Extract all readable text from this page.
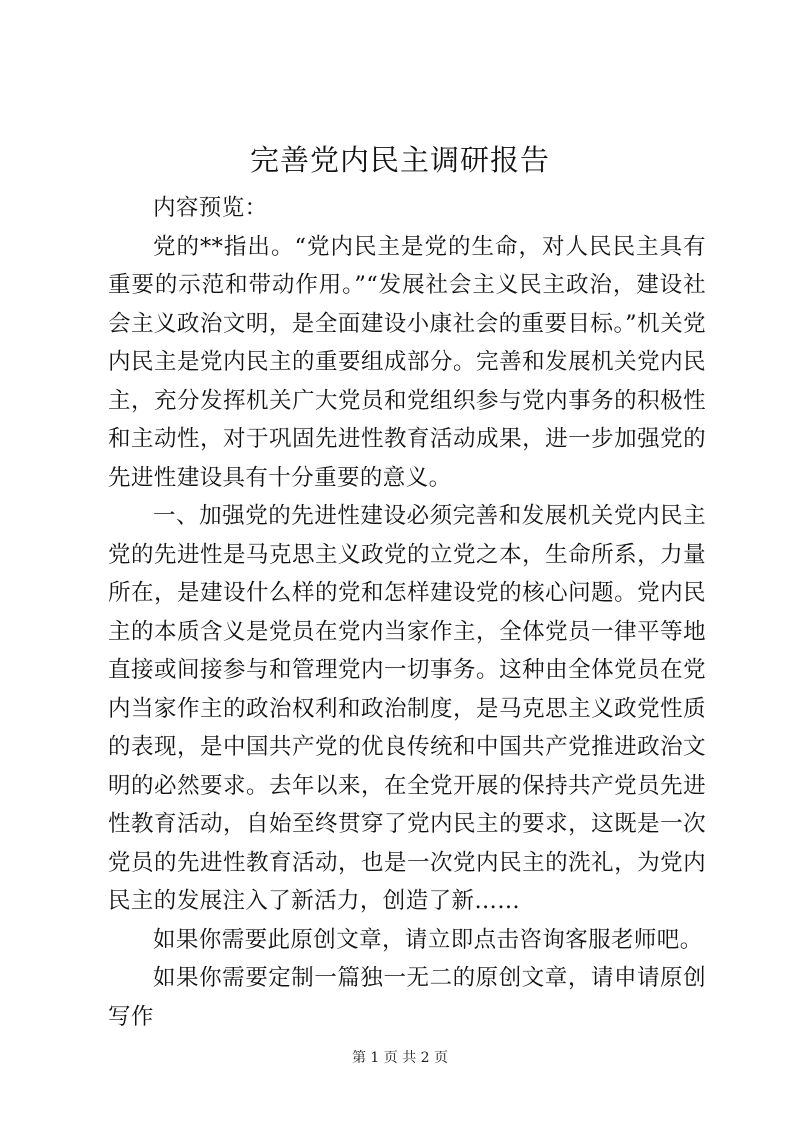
完善党内民主调研报告

内容预览：

党的**指出。“党内民主是党的生命，对人民民主具有重要的示范和带动作用。”“发展社会主义民主政治，建设社会主义政治文明，是全面建设小康社会的重要目标。”机关党内民主是党内民主的重要组成部分。完善和发展机关党内民主，充分发挥机关广大党员和党组织参与党内事务的积极性和主动性，对于巩固先进性教育活动成果，进一步加强党的先进性建设具有十分重要的意义。

一、加强党的先进性建设必须完善和发展机关党内民主党的先进性是马克思主义政党的立党之本，生命所系，力量所在，是建设什么样的党和怎样建设党的核心问题。党内民主的本质含义是党员在党内当家作主，全体党员一律平等地直接或间接参与和管理党内一切事务。这种由全体党员在党内当家作主的政治权利和政治制度，是马克思主义政党性质的表现，是中国共产党的优良传统和中国共产党推进政治文明的必然要求。去年以来，在全党开展的保持共产党员先进性教育活动，自始至终贯穿了党内民主的要求，这既是一次党员的先进性教育活动，也是一次党内民主的洗礼，为党内民主的发展注入了新活力，创造了新……

如果你需要此原创文章，请立即点击咨询客服老师吧。

如果你需要定制一篇独一无二的原创文章，请申请原创写作

第 1 页 共 2 页
